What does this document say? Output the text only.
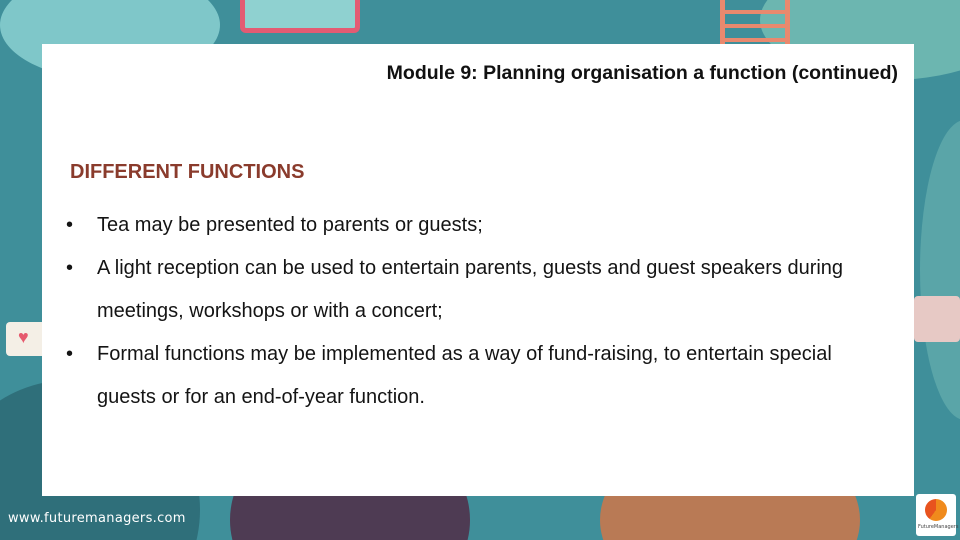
♥
Module 9: Planning organisation a function (continued)
DIFFERENT FUNCTIONS
• Tea may be presented to parents or guests;
• A light reception can be used to entertain parents, guests and guest speakers during meetings, workshops or with a concert;
• Formal functions may be implemented as a way of fund-raising, to entertain special guests or for an end-of-year function.

www.futuremanagers.com

FutureManagers
